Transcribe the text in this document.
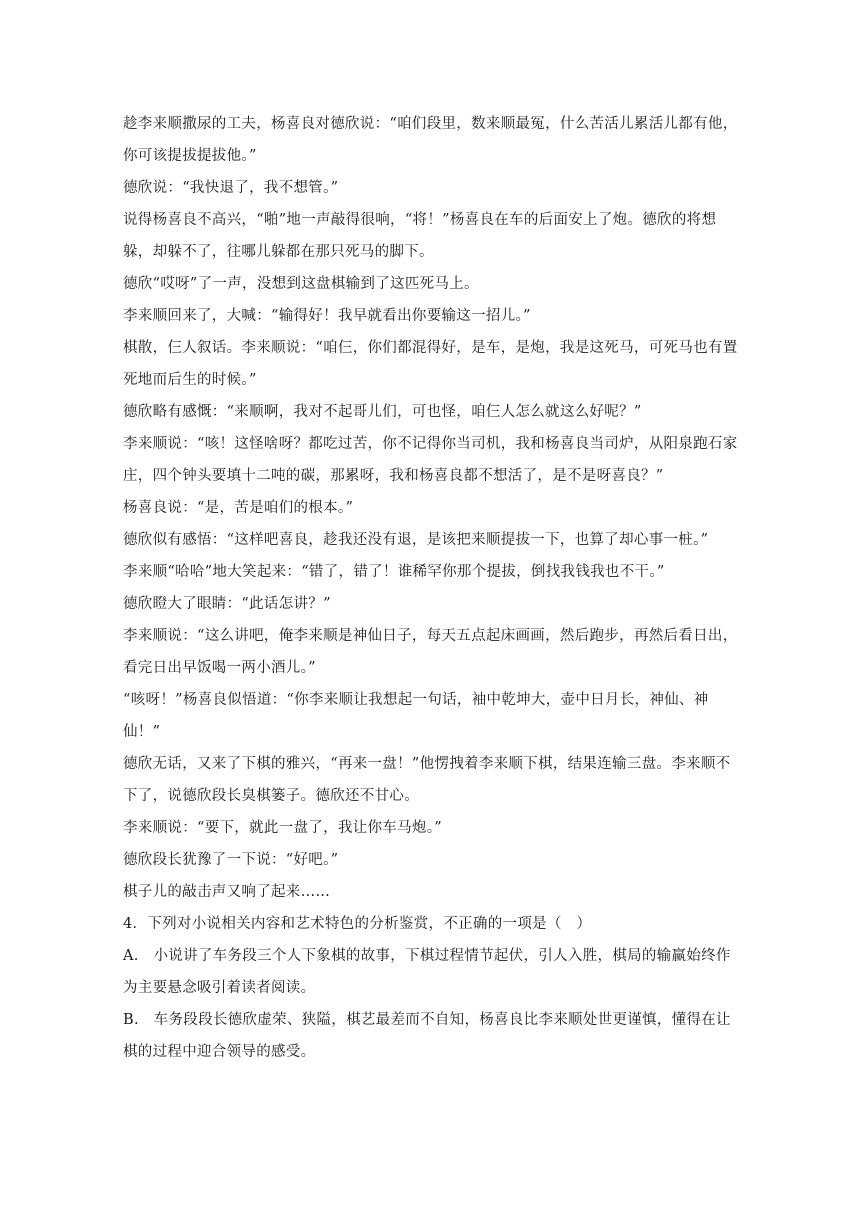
趁李来顺撒尿的工夫，杨喜良对德欣说：“咱们段里，数来顺最冤，什么苦活儿累活儿都有他，你可该提拔提拔他。”

德欣说：“我快退了，我不想管。”

说得杨喜良不高兴，“啪”地一声敲得很响，“将！”杨喜良在车的后面安上了炮。德欣的将想躲，却躲不了，往哪儿躲都在那只死马的脚下。

德欣“哎呀”了一声，没想到这盘棋输到了这匹死马上。

李来顺回来了，大喊：“输得好！我早就看出你要输这一招儿。”

棋散，仨人叙话。李来顺说：“咱仨，你们都混得好，是车，是炮，我是这死马，可死马也有置死地而后生的时候。”

德欣略有感慨：“来顺啊，我对不起哥儿们，可也怪，咱仨人怎么就这么好呢？”

李来顺说：“咳！这怪啥呀？都吃过苦，你不记得你当司机，我和杨喜良当司炉，从阳泉跑石家庄，四个钟头要填十二吨的碳，那累呀，我和杨喜良都不想活了，是不是呀喜良？”

杨喜良说：“是，苦是咱们的根本。”

德欣似有感悟：“这样吧喜良，趁我还没有退，是该把来顺提拔一下，也算了却心事一桩。”

李来顺“哈哈”地大笑起来：“错了，错了！谁稀罕你那个提拔，倒找我钱我也不干。”

德欣瞪大了眼睛：“此话怎讲？”

李来顺说：“这么讲吧，俺李来顺是神仙日子，每天五点起床画画，然后跑步，再然后看日出，看完日出早饭喝一两小酒儿。”

“咳呀！”杨喜良似悟道：“你李来顺让我想起一句话，袖中乾坤大，壶中日月长，神仙、神仙！”

德欣无话，又来了下棋的雅兴，“再来一盘！”他愣拽着李来顺下棋，结果连输三盘。李来顺不下了，说德欣段长臭棋篓子。德欣还不甘心。

李来顺说：“要下，就此一盘了，我让你车马炮。”

德欣段长犹豫了一下说：“好吧。”

棋子儿的敲击声又响了起来……

4．下列对小说相关内容和艺术特色的分析鉴赏，不正确的一项是（　）

A.　小说讲了车务段三个人下象棋的故事，下棋过程情节起伏，引人入胜，棋局的输赢始终作为主要悬念吸引着读者阅读。

B.　车务段段长德欣虚荣、狭隘，棋艺最差而不自知，杨喜良比李来顺处世更谨慎，懂得在让棋的过程中迎合领导的感受。
